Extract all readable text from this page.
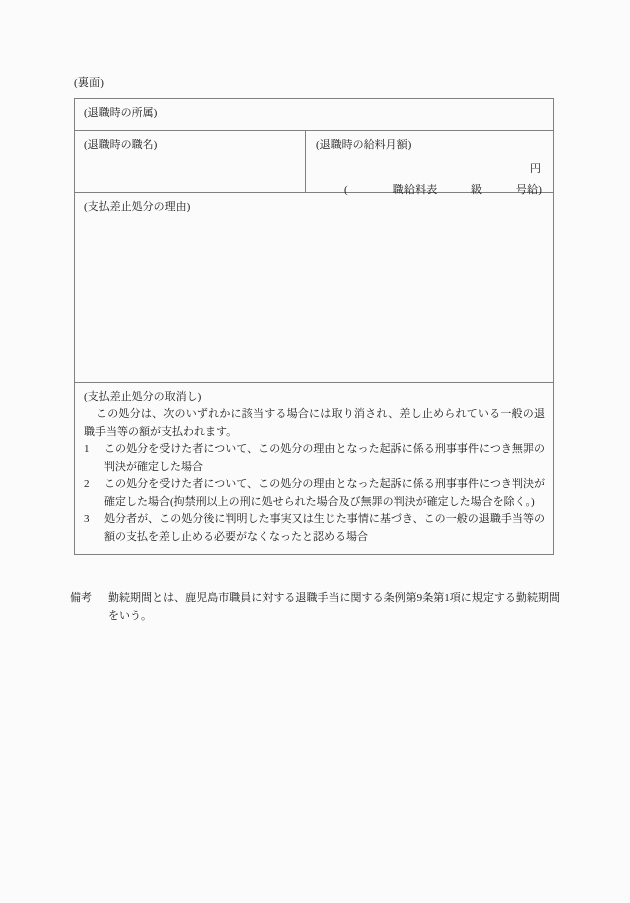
(裏面)
(退職時の所属)
(退職時の職名)	(退職時の給料月額)
円
(　　　　職給料表　　　級　　　号給)
(支払差止処分の理由)
(支払差止処分の取消し)
この処分は、次のいずれかに該当する場合には取り消され、差し止められている一般の退職手当等の額が支払われます。
1	この処分を受けた者について、この処分の理由となった起訴に係る刑事事件につき無罪の判決が確定した場合
2	この処分を受けた者について、この処分の理由となった起訴に係る刑事事件につき判決が確定した場合(拘禁刑以上の刑に処せられた場合及び無罪の判決が確定した場合を除く。)
3	処分者が、この処分後に判明した事実又は生じた事情に基づき、この一般の退職手当等の額の支払を差し止める必要がなくなったと認める場合
備考	勤続期間とは、鹿児島市職員に対する退職手当に関する条例第9条第1項に規定する勤続期間をいう。
